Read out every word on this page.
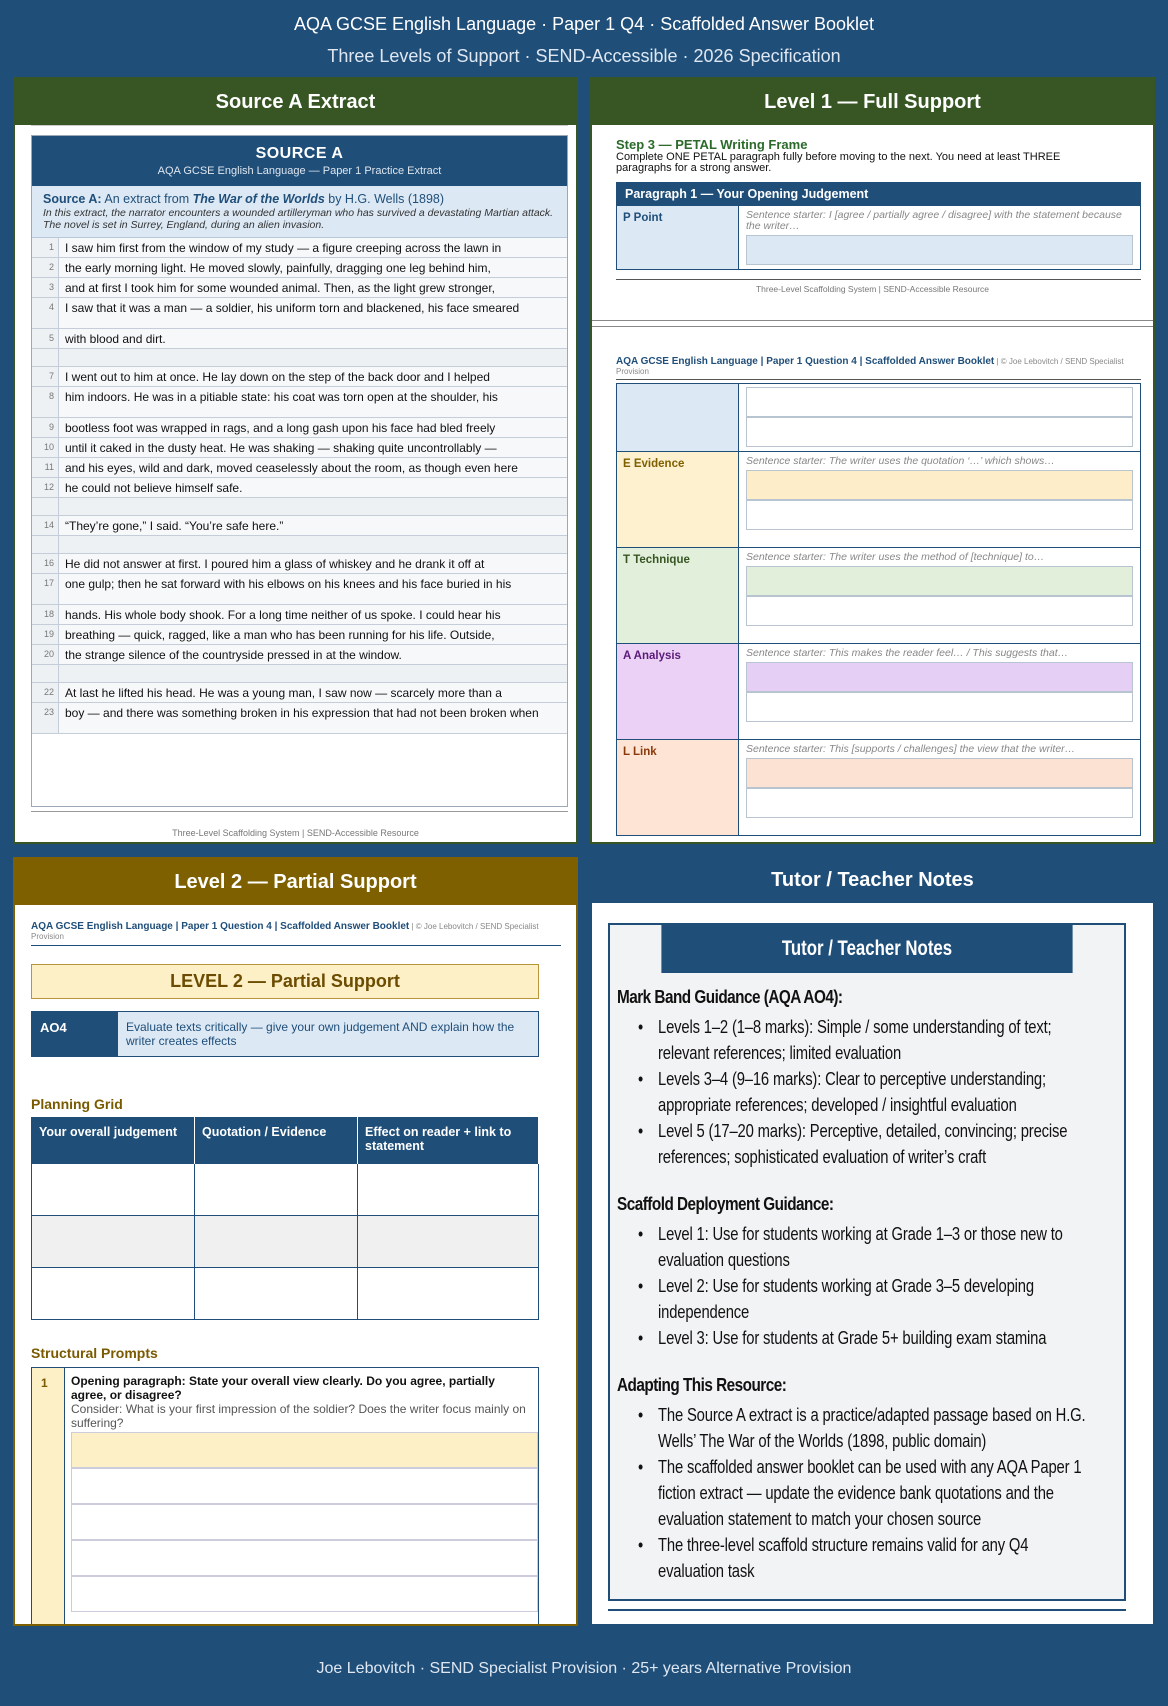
AQA GCSE English Language · Paper 1 Q4 · Scaffolded Answer Booklet
Three Levels of Support · SEND-Accessible · 2026 Specification
Source A Extract
SOURCE A
AQA GCSE English Language — Paper 1 Practice Extract
Source A: An extract from The War of the Worlds by H.G. Wells (1898)
In this extract, the narrator encounters a wounded artilleryman who has survived a devastating Martian attack. The novel is set in Surrey, England, during an alien invasion.
1 I saw him first from the window of my study — a figure creeping across the lawn in
2 the early morning light. He moved slowly, painfully, dragging one leg behind him,
3 and at first I took him for some wounded animal. Then, as the light grew stronger,
4 I saw that it was a man — a soldier, his uniform torn and blackened, his face smeared
5 with blood and dirt.
7 I went out to him at once. He lay down on the step of the back door and I helped
8 him indoors. He was in a pitiable state: his coat was torn open at the shoulder, his
9 bootless foot was wrapped in rags, and a long gash upon his face had bled freely
10 until it caked in the dusty heat. He was shaking — shaking quite uncontrollably —
11 and his eyes, wild and dark, moved ceaselessly about the room, as though even here
12 he could not believe himself safe.
14 “They’re gone,” I said. “You’re safe here.”
16 He did not answer at first. I poured him a glass of whiskey and he drank it off at
17 one gulp; then he sat forward with his elbows on his knees and his face buried in his
18 hands. His whole body shook. For a long time neither of us spoke. I could hear his
19 breathing — quick, ragged, like a man who has been running for his life. Outside,
20 the strange silence of the countryside pressed in at the window.
22 At last he lifted his head. He was a young man, I saw now — scarcely more than a
23 boy — and there was something broken in his expression that had not been broken when
Three-Level Scaffolding System | SEND-Accessible Resource
Level 1 — Full Support
Step 3 — PETAL Writing Frame
Complete ONE PETAL paragraph fully before moving to the next. You need at least THREE paragraphs for a strong answer.
Paragraph 1 — Your Opening Judgement
P Point	Sentence starter: I [agree / partially agree / disagree] with the statement because the writer…
Three-Level Scaffolding System | SEND-Accessible Resource
AQA GCSE English Language | Paper 1 Question 4 | Scaffolded Answer Booklet | © Joe Lebovitch / SEND Specialist Provision
E Evidence	Sentence starter: The writer uses the quotation ‘…’ which shows…
T Technique	Sentence starter: The writer uses the method of [technique] to…
A Analysis	Sentence starter: This makes the reader feel… / This suggests that…
L Link	Sentence starter: This [supports / challenges] the view that the writer…
Level 2 — Partial Support
AQA GCSE English Language | Paper 1 Question 4 | Scaffolded Answer Booklet | © Joe Lebovitch / SEND Specialist Provision
LEVEL 2 — Partial Support
AO4	Evaluate texts critically — give your own judgement AND explain how the writer creates effects
Planning Grid
Your overall judgement	Quotation / Evidence	Effect on reader + link to statement

Structural Prompts
1	Opening paragraph: State your overall view clearly. Do you agree, partially agree, or disagree?
Consider: What is your first impression of the soldier? Does the writer focus mainly on suffering?
Tutor / Teacher Notes
Tutor / Teacher Notes
Mark Band Guidance (AQA AO4):
• Levels 1–2 (1–8 marks): Simple / some understanding of text; relevant references; limited evaluation
• Levels 3–4 (9–16 marks): Clear to perceptive understanding; appropriate references; developed / insightful evaluation
• Level 5 (17–20 marks): Perceptive, detailed, convincing; precise references; sophisticated evaluation of writer’s craft
Scaffold Deployment Guidance:
• Level 1: Use for students working at Grade 1–3 or those new to evaluation questions
• Level 2: Use for students working at Grade 3–5 developing independence
• Level 3: Use for students at Grade 5+ building exam stamina
Adapting This Resource:
• The Source A extract is a practice/adapted passage based on H.G. Wells’ The War of the Worlds (1898, public domain)
• The scaffolded answer booklet can be used with any AQA Paper 1 fiction extract — update the evidence bank quotations and the evaluation statement to match your chosen source
• The three-level scaffold structure remains valid for any Q4 evaluation task
Joe Lebovitch · SEND Specialist Provision · 25+ years Alternative Provision
